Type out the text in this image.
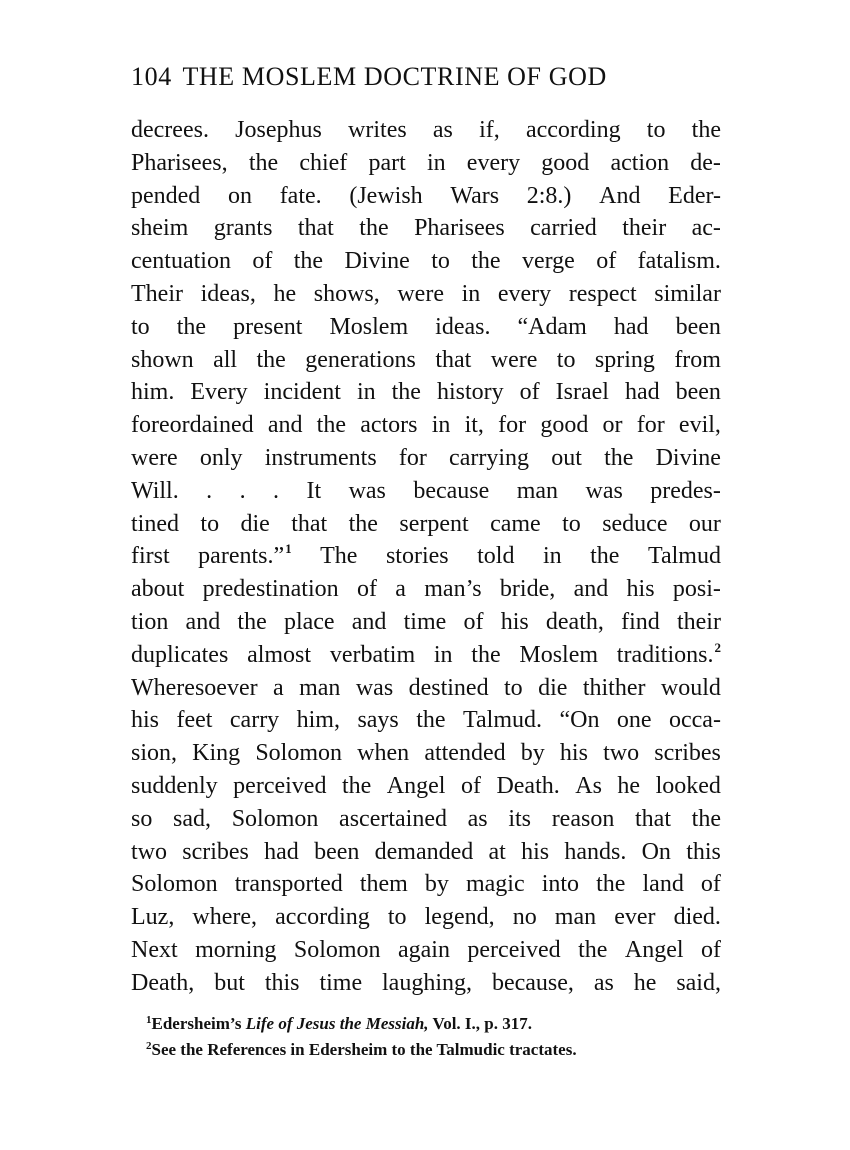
104 THE MOSLEM DOCTRINE OF GOD
decrees. Josephus writes as if, according to the
Pharisees, the chief part in every good action de-
pended on fate. (Jewish Wars 2:8.) And Eder-
sheim grants that the Pharisees carried their ac-
centuation of the Divine to the verge of fatalism.
Their ideas, he shows, were in every respect similar
to the present Moslem ideas. “Adam had been
shown all the generations that were to spring from
him. Every incident in the history of Israel had been
foreordained and the actors in it, for good or for evil,
were only instruments for carrying out the Divine
Will. . . . It was because man was predes-
tined to die that the serpent came to seduce our
first parents.”$^1$ The stories told in the Talmud
about predestination of a man’s bride, and his posi-
tion and the place and time of his death, find their
duplicates almost verbatim in the Moslem traditions.$^2$
Wheresoever a man was destined to die thither would
his feet carry him, says the Talmud. “On one occa-
sion, King Solomon when attended by his two scribes
suddenly perceived the Angel of Death. As he looked
so sad, Solomon ascertained as its reason that the
two scribes had been demanded at his hands. On this
Solomon transported them by magic into the land of
Luz, where, according to legend, no man ever died.
Next morning Solomon again perceived the Angel of
Death, but this time laughing, because, as he said,
$^1$Edersheim’s Life of Jesus the Messiah, Vol. I., p. 317.
$^2$See the References in Edersheim to the Talmudic tractates.
